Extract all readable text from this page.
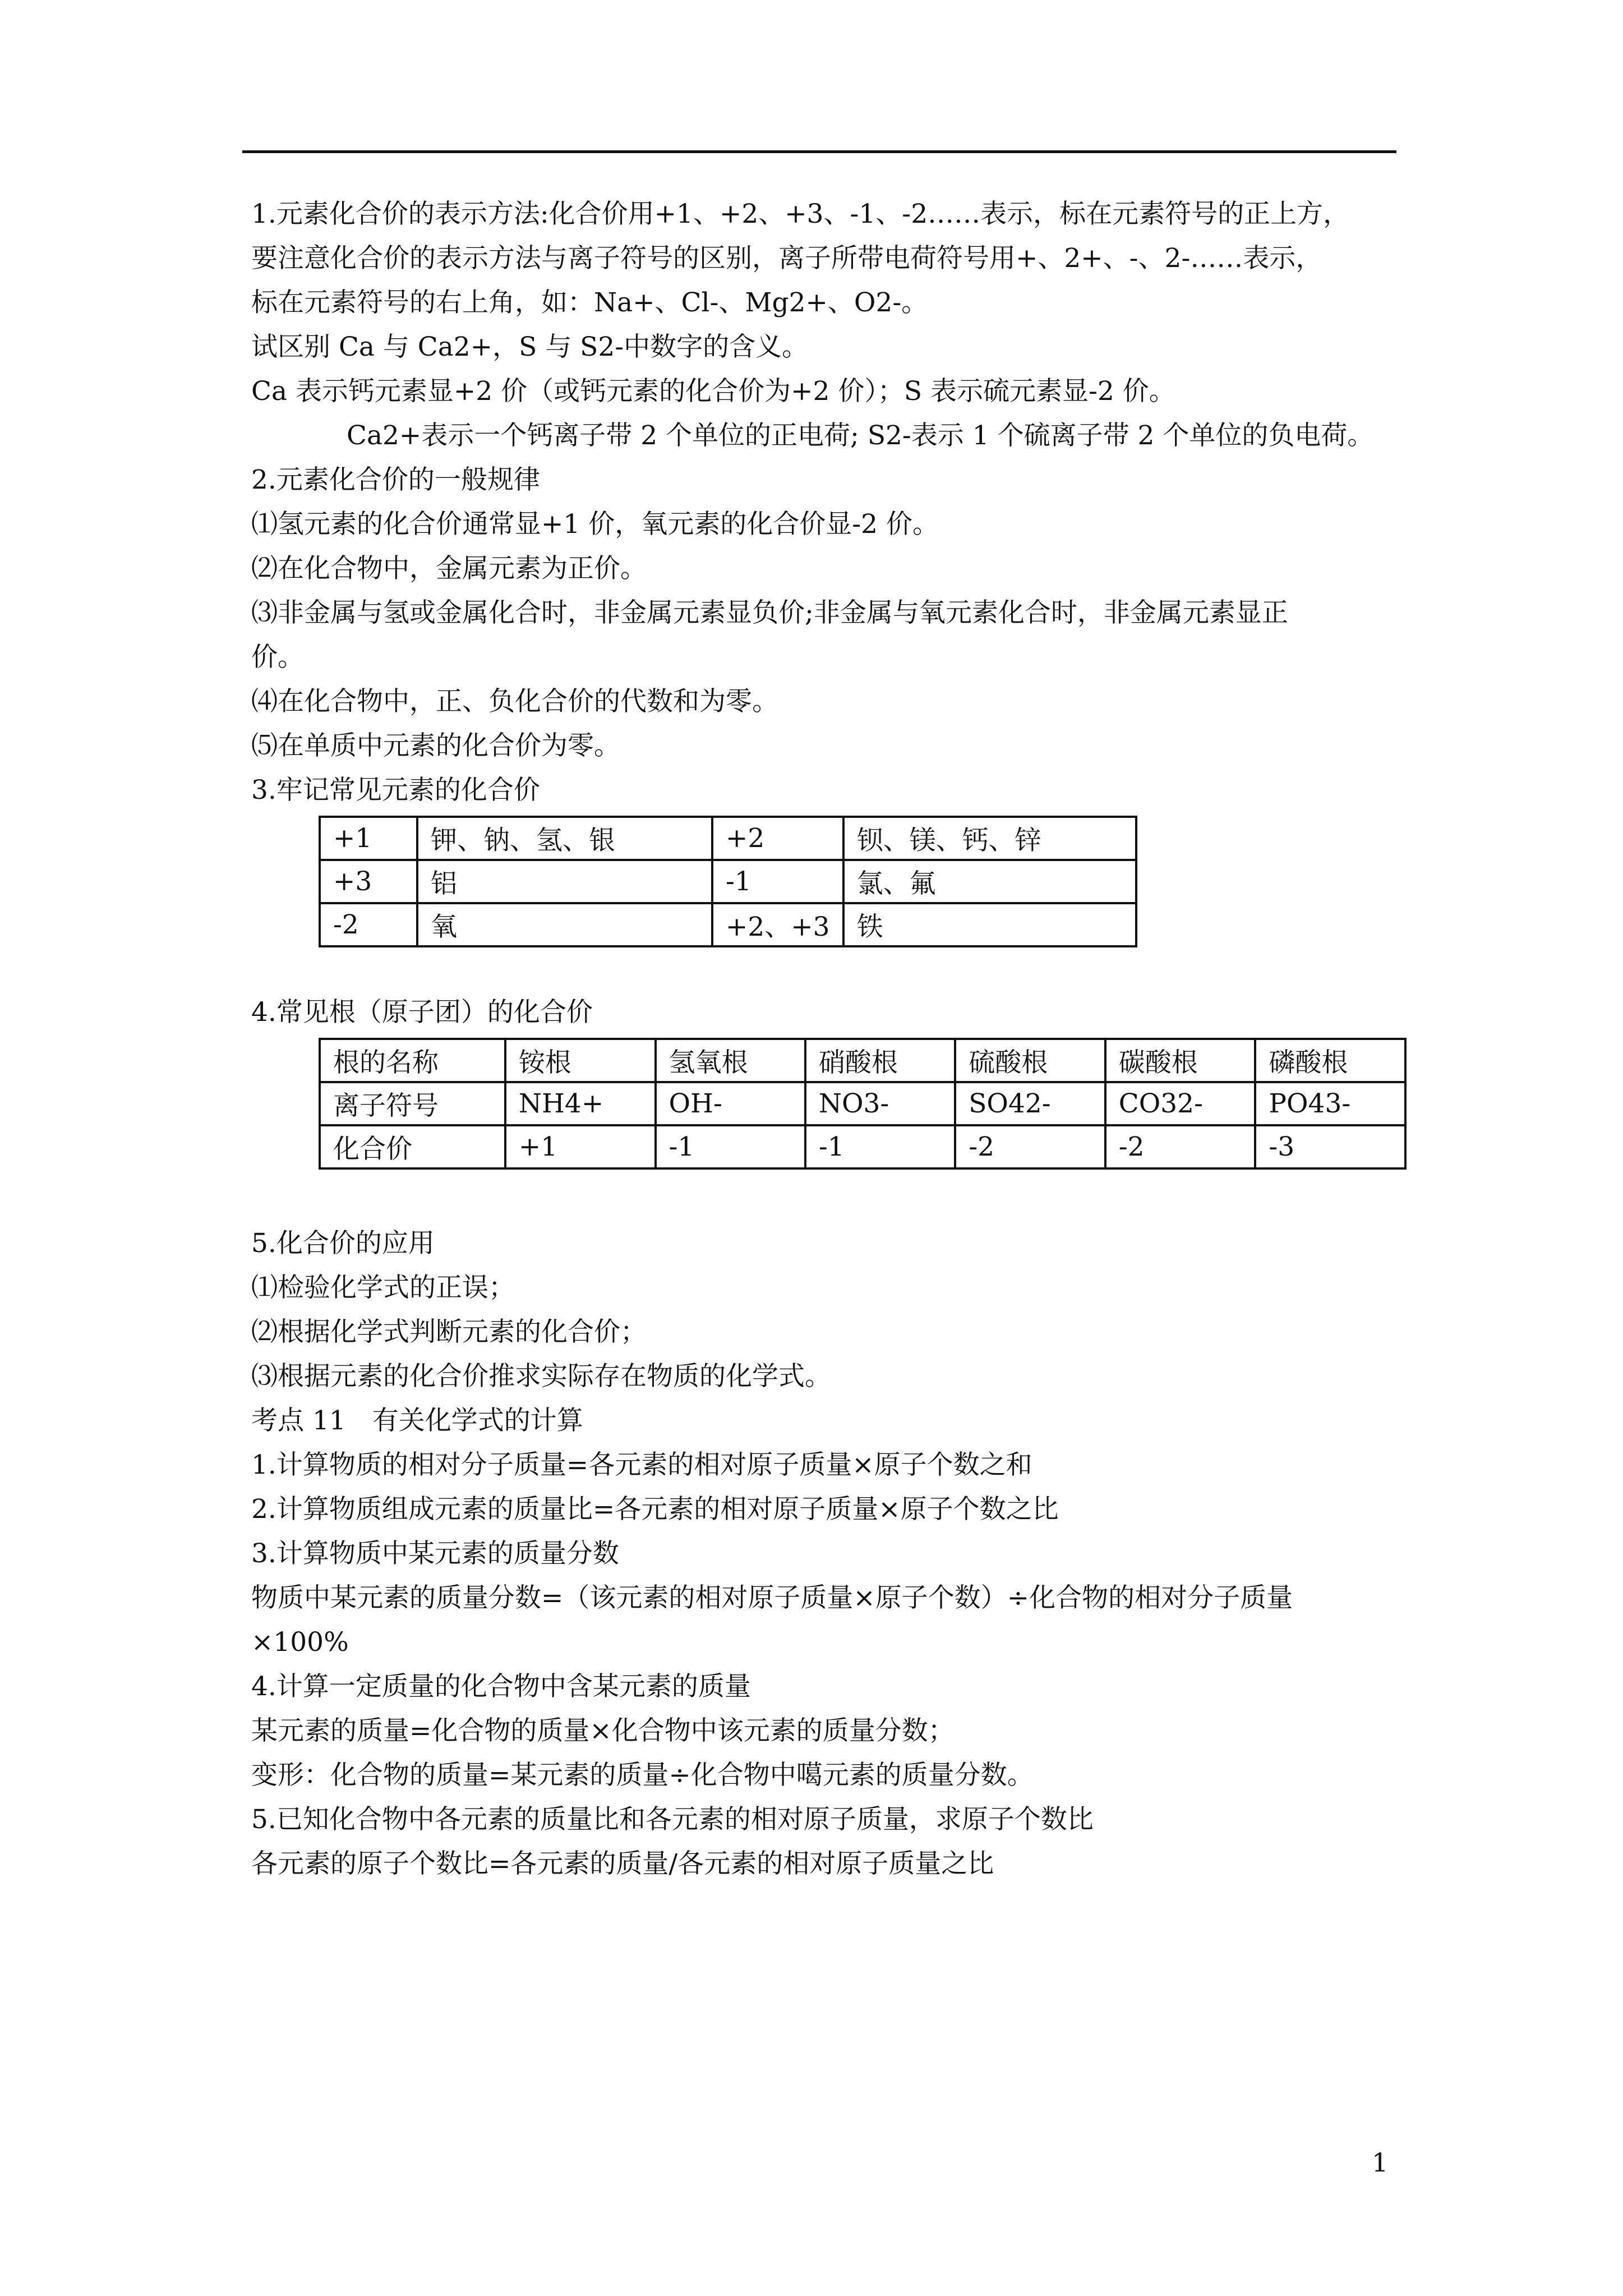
1.元素化合价的表示方法:化合价用+1、+2、+3、-1、-2……表示，标在元素符号的正上方，
要注意化合价的表示方法与离子符号的区别，离子所带电荷符号用+、2+、-、2-……表示，
标在元素符号的右上角，如：Na+、Cl-、Mg2+、O2-。
试区别 Ca 与 Ca2+，S 与 S2-中数字的含义。
Ca 表示钙元素显+2 价（或钙元素的化合价为+2 价）；S 表示硫元素显-2 价。
Ca2+表示一个钙离子带 2 个单位的正电荷; S2-表示 1 个硫离子带 2 个单位的负电荷。
2.元素化合价的一般规律
⑴氢元素的化合价通常显+1 价，氧元素的化合价显-2 价。
⑵在化合物中，金属元素为正价。
⑶非金属与氢或金属化合时，非金属元素显负价;非金属与氧元素化合时，非金属元素显正
价。
⑷在化合物中，正、负化合价的代数和为零。
⑸在单质中元素的化合价为零。
3.牢记常见元素的化合价
+1	钾、钠、氢、银	+2	钡、镁、钙、锌
+3	铝	-1	氯、氟
-2	氧	+2、+3	铁
4.常见根（原子团）的化合价
根的名称	铵根	氢氧根	硝酸根	硫酸根	碳酸根	磷酸根
离子符号	NH4+	OH-	NO3-	SO42-	CO32-	PO43-
化合价	+1	-1	-1	-2	-2	-3
5.化合价的应用
⑴检验化学式的正误；
⑵根据化学式判断元素的化合价；
⑶根据元素的化合价推求实际存在物质的化学式。
考点 11　有关化学式的计算
1.计算物质的相对分子质量=各元素的相对原子质量×原子个数之和
2.计算物质组成元素的质量比=各元素的相对原子质量×原子个数之比
3.计算物质中某元素的质量分数
物质中某元素的质量分数=（该元素的相对原子质量×原子个数）÷化合物的相对分子质量
×100%
4.计算一定质量的化合物中含某元素的质量
某元素的质量=化合物的质量×化合物中该元素的质量分数；
变形：化合物的质量=某元素的质量÷化合物中噶元素的质量分数。
5.已知化合物中各元素的质量比和各元素的相对原子质量，求原子个数比
各元素的原子个数比=各元素的质量/各元素的相对原子质量之比
1
